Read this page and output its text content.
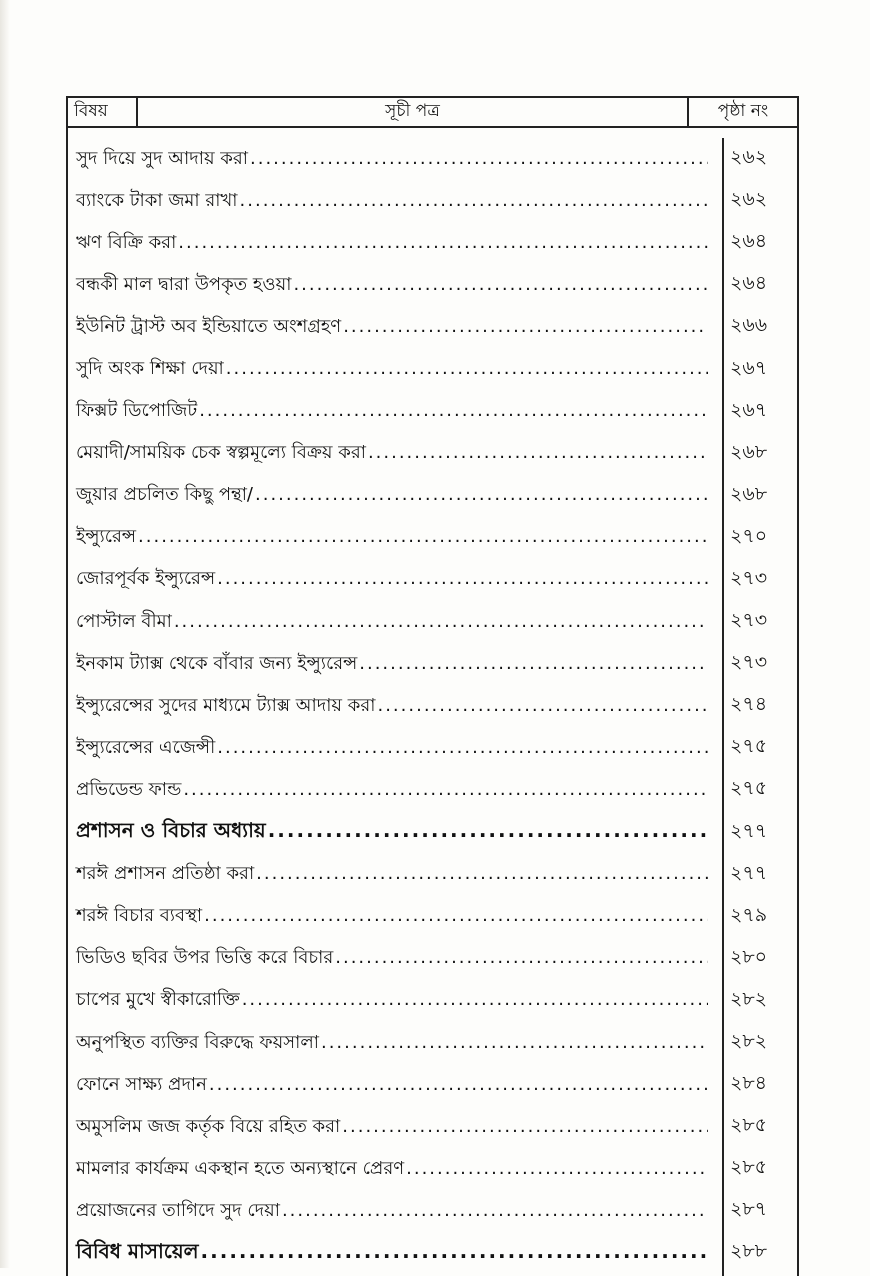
বিষয়	সূচী পত্র	পৃষ্ঠা নং
সুদ দিয়ে সুদ আদায় করা .....	২৬২
ব্যাংকে টাকা জমা রাখা .....	২৬২
ঋণ বিক্রি করা .....	২৬৪
বন্ধকী মাল দ্বারা উপকৃত হওয়া .....	২৬৪
ইউনিট ট্রাস্ট অব ইন্ডিয়াতে অংশগ্রহণ .....	২৬৬
সুদি অংক শিক্ষা দেয়া .....	২৬৭
ফিক্সট ডিপোজিট .....	২৬৭
মেয়াদী/সাময়িক চেক স্বল্পমূল্যে বিক্রয় করা .....	২৬৮
জুয়ার প্রচলিত কিছু পন্থা/ .....	২৬৮
ইন্স্যুরেন্স .....	২৭০
জোরপূর্বক ইন্স্যুরেন্স .....	২৭৩
পোস্টাল বীমা .....	২৭৩
ইনকাম ট্যাক্স থেকে বাঁবার জন্য ইন্স্যুরেন্স .....	২৭৩
ইন্স্যুরেন্সের সুদের মাধ্যমে ট্যাক্স আদায় করা .....	২৭৪
ইন্স্যুরেন্সের এজেন্সী .....	২৭৫
প্রভিডেন্ড ফান্ড .....	২৭৫
প্রশাসন ও বিচার অধ্যায় .....	২৭৭
শরঈ প্রশাসন প্রতিষ্ঠা করা .....	২৭৭
শরঈ বিচার ব্যবস্থা .....	২৭৯
ভিডিও ছবির উপর ভিত্তি করে বিচার .....	২৮০
চাপের মুখে স্বীকারোক্তি .....	২৮২
অনুপস্থিত ব্যক্তির বিরুদ্ধে ফয়সালা .....	২৮২
ফোনে সাক্ষ্য প্রদান .....	২৮৪
অমুসলিম জজ কর্তৃক বিয়ে রহিত করা .....	২৮৫
মামলার কার্যক্রম একস্থান হতে অন্যস্থানে প্রেরণ .....	২৮৫
প্রয়োজনের তাগিদে সুদ দেয়া .....	২৮৭
বিবিধ মাসায়েল .....	২৮৮
